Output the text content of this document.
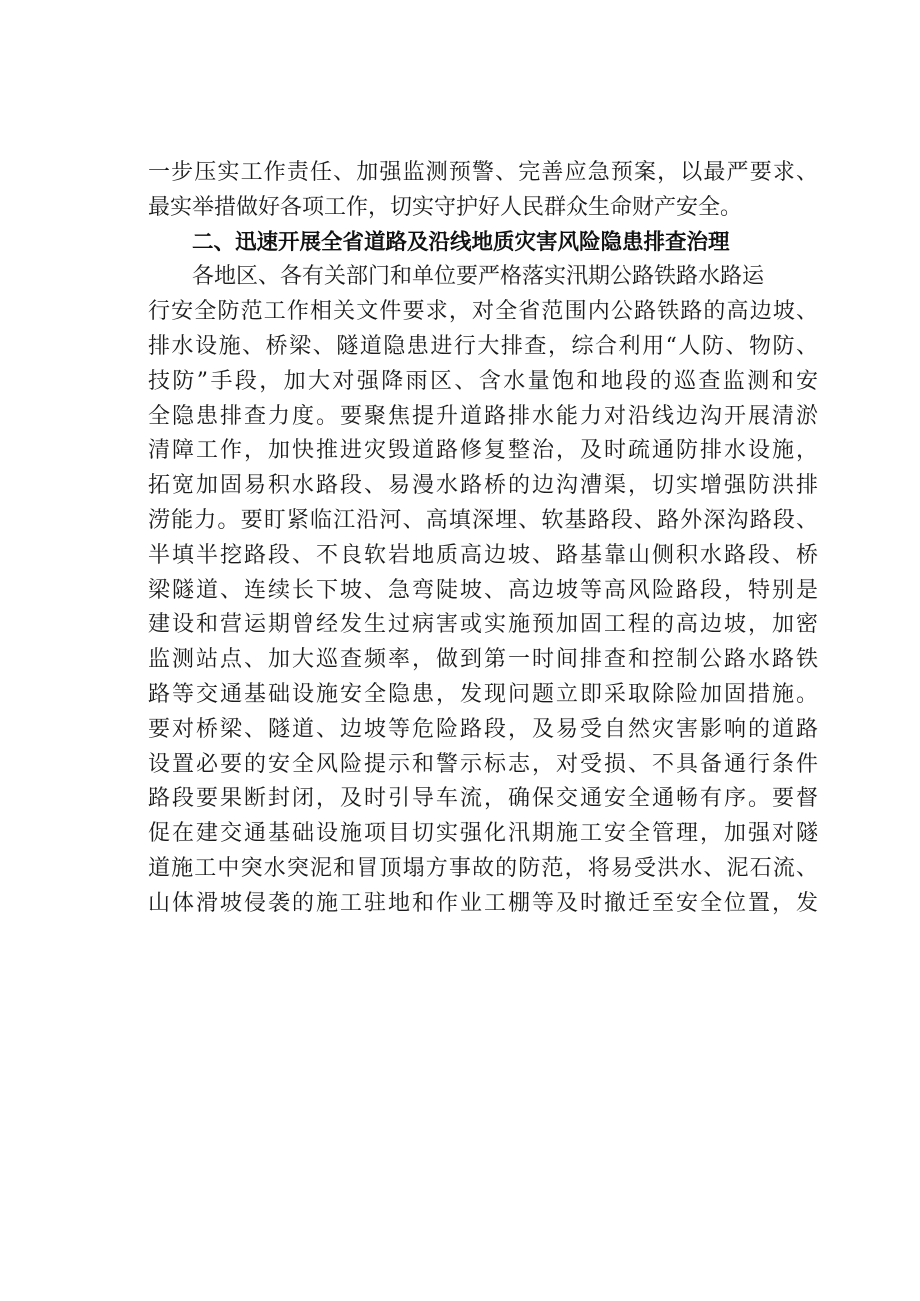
一步压实工作责任、加强监测预警、完善应急预案，以最严要求、
最实举措做好各项工作，切实守护好人民群众生命财产安全。
二、迅速开展全省道路及沿线地质灾害风险隐患排查治理
各地区、各有关部门和单位要严格落实汛期公路铁路水路运
行安全防范工作相关文件要求，对全省范围内公路铁路的高边坡、
排水设施、桥梁、隧道隐患进行大排查，综合利用“人防、物防、
技防”手段，加大对强降雨区、含水量饱和地段的巡查监测和安
全隐患排查力度。要聚焦提升道路排水能力对沿线边沟开展清淤
清障工作，加快推进灾毁道路修复整治，及时疏通防排水设施，
拓宽加固易积水路段、易漫水路桥的边沟漕渠，切实增强防洪排
涝能力。要盯紧临江沿河、高填深埋、软基路段、路外深沟路段、
半填半挖路段、不良软岩地质高边坡、路基靠山侧积水路段、桥
梁隧道、连续长下坡、急弯陡坡、高边坡等高风险路段，特别是
建设和营运期曾经发生过病害或实施预加固工程的高边坡，加密
监测站点、加大巡查频率，做到第一时间排查和控制公路水路铁
路等交通基础设施安全隐患，发现问题立即采取除险加固措施。
要对桥梁、隧道、边坡等危险路段，及易受自然灾害影响的道路
设置必要的安全风险提示和警示标志，对受损、不具备通行条件
路段要果断封闭，及时引导车流，确保交通安全通畅有序。要督
促在建交通基础设施项目切实强化汛期施工安全管理，加强对隧
道施工中突水突泥和冒顶塌方事故的防范，将易受洪水、泥石流、
山体滑坡侵袭的施工驻地和作业工棚等及时撤迁至安全位置，发
